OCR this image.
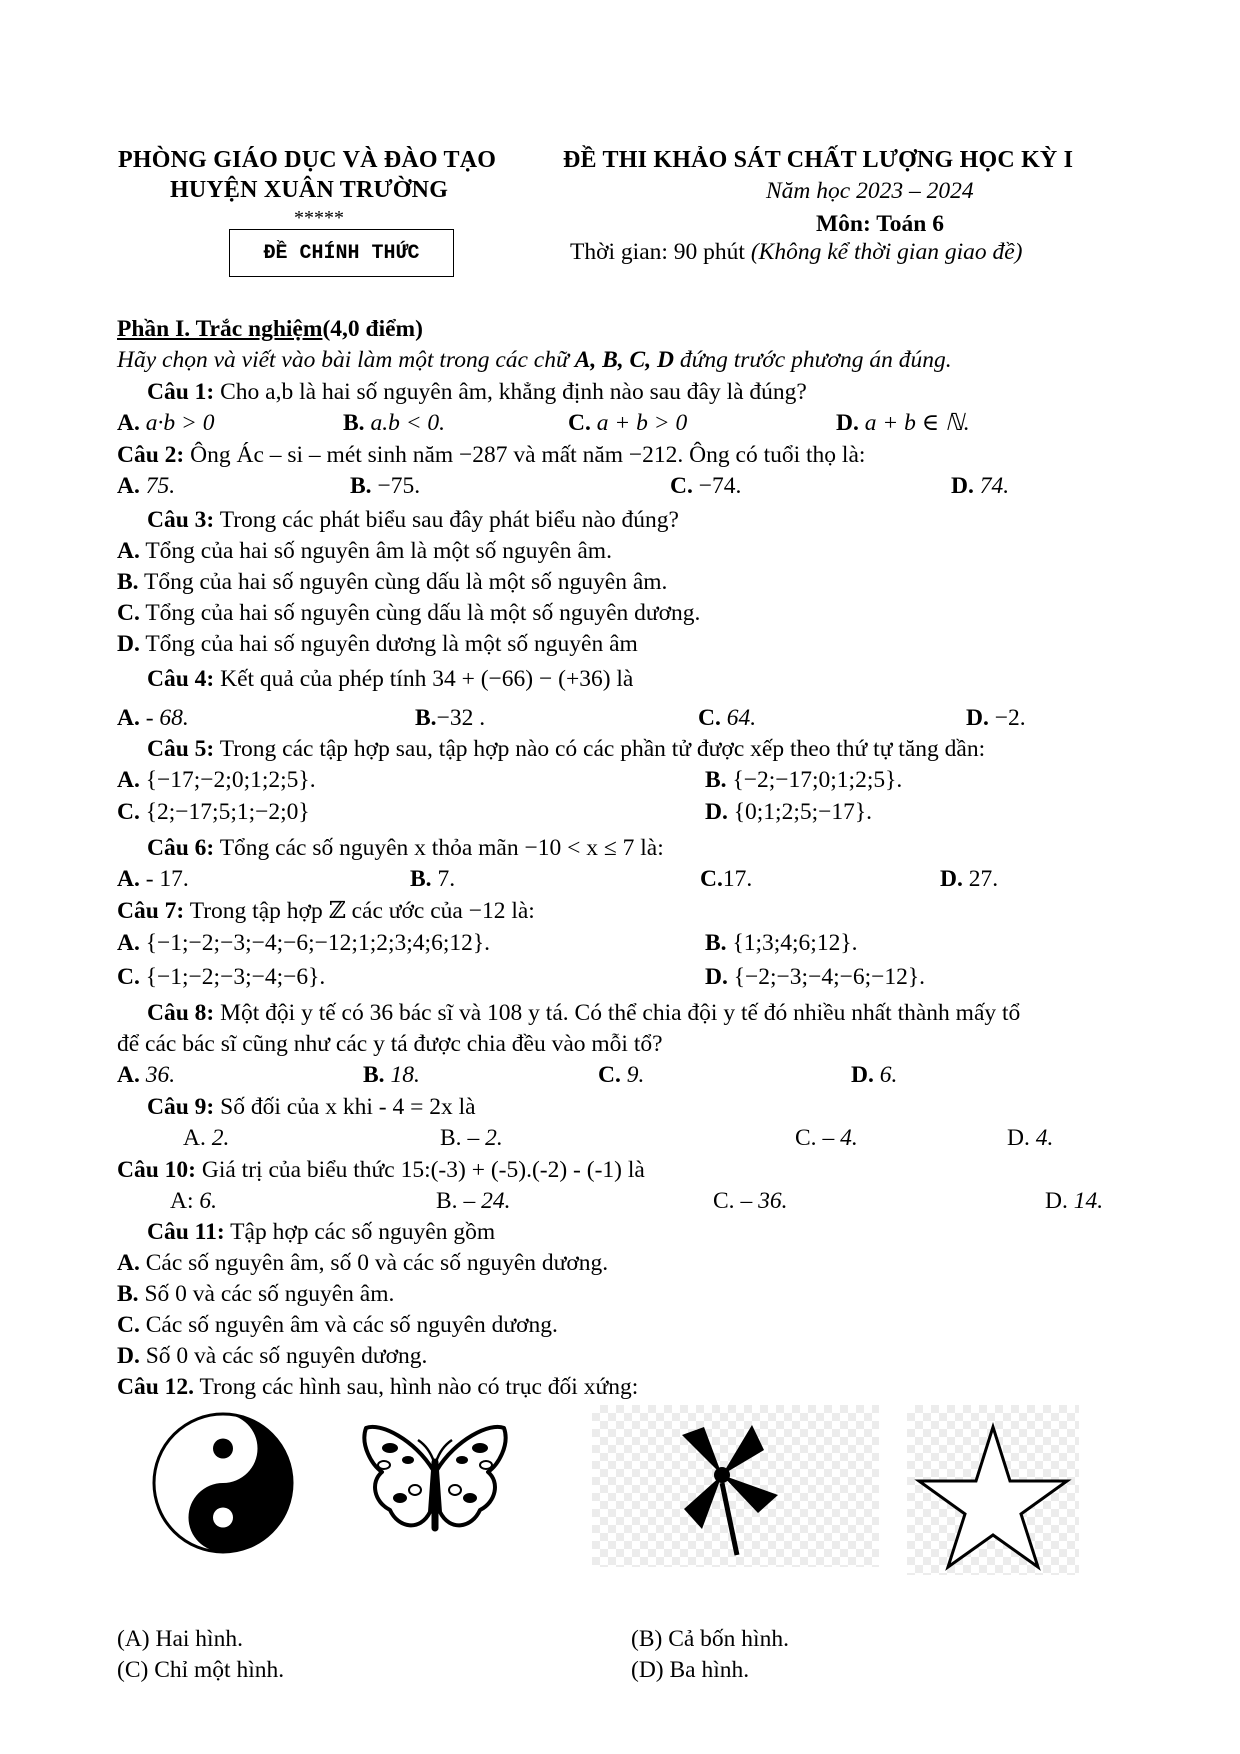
PHÒNG GIÁO DỤC VÀ ĐÀO TẠO
HUYỆN XUÂN TRƯỜNG
*****
ĐỀ CHÍNH THỨC
ĐỀ THI KHẢO SÁT CHẤT LƯỢNG HỌC KỲ I
Năm học 2023 – 2024
Môn: Toán 6
Thời gian: 90 phút (Không kể thời gian giao đề)
Phần I. Trắc nghiệm(4,0 điểm)
Hãy chọn và viết vào bài làm một trong các chữ A, B, C, D đứng trước phương án đúng.
Câu 1: Cho a,b là hai số nguyên âm, khẳng định nào sau đây là đúng?
A. a·b > 0	B. a.b < 0.	C. a + b > 0	D. a + b ∈ ℕ.
Câu 2: Ông Ác – si – mét sinh năm −287 và mất năm −212. Ông có tuổi thọ là:
A. 75.	B. −75.	C. −74.	D. 74.
Câu 3: Trong các phát biểu sau đây phát biểu nào đúng?
A. Tổng của hai số nguyên âm là một số nguyên âm.
B. Tổng của hai số nguyên cùng dấu là một số nguyên âm.
C. Tổng của hai số nguyên cùng dấu là một số nguyên dương.
D. Tổng của hai số nguyên dương là một số nguyên âm
Câu 4: Kết quả của phép tính 34 + (−66) − (+36) là
A. - 68.	B.−32 .	C. 64.	D. −2.
Câu 5: Trong các tập hợp sau, tập hợp nào có các phần tử được xếp theo thứ tự tăng dần:
A. {−17;−2;0;1;2;5}.	B. {−2;−17;0;1;2;5}.
C. {2;−17;5;1;−2;0}	D. {0;1;2;5;−17}.
Câu 6: Tổng các số nguyên x thỏa mãn −10 < x ≤ 7 là:
A. - 17.	B. 7.	C.17.	D. 27.
Câu 7: Trong tập hợp ℤ các ước của −12 là:
A. {−1;−2;−3;−4;−6;−12;1;2;3;4;6;12}.	B. {1;3;4;6;12}.
C. {−1;−2;−3;−4;−6}.	D. {−2;−3;−4;−6;−12}.
Câu 8: Một đội y tế có 36 bác sĩ và 108 y tá. Có thể chia đội y tế đó nhiều nhất thành mấy tổ
để các bác sĩ cũng như các y tá được chia đều vào mỗi tổ?
A. 36.	B. 18.	C. 9.	D. 6.
Câu 9: Số đối của x khi - 4 = 2x là
A. 2.	B. – 2.	C. – 4.	D. 4.
Câu 10: Giá trị của biểu thức 15:(-3) + (-5).(-2) - (-1) là
A: 6.	B. – 24.	C. – 36.	D. 14.
Câu 11: Tập hợp các số nguyên gồm
A. Các số nguyên âm, số 0 và các số nguyên dương.
B. Số 0 và các số nguyên âm.
C. Các số nguyên âm và các số nguyên dương.
D. Số 0 và các số nguyên dương.
Câu 12. Trong các hình sau, hình nào có trục đối xứng:
(A) Hai hình.	(B) Cả bốn hình.
(C) Chỉ một hình.	(D) Ba hình.
